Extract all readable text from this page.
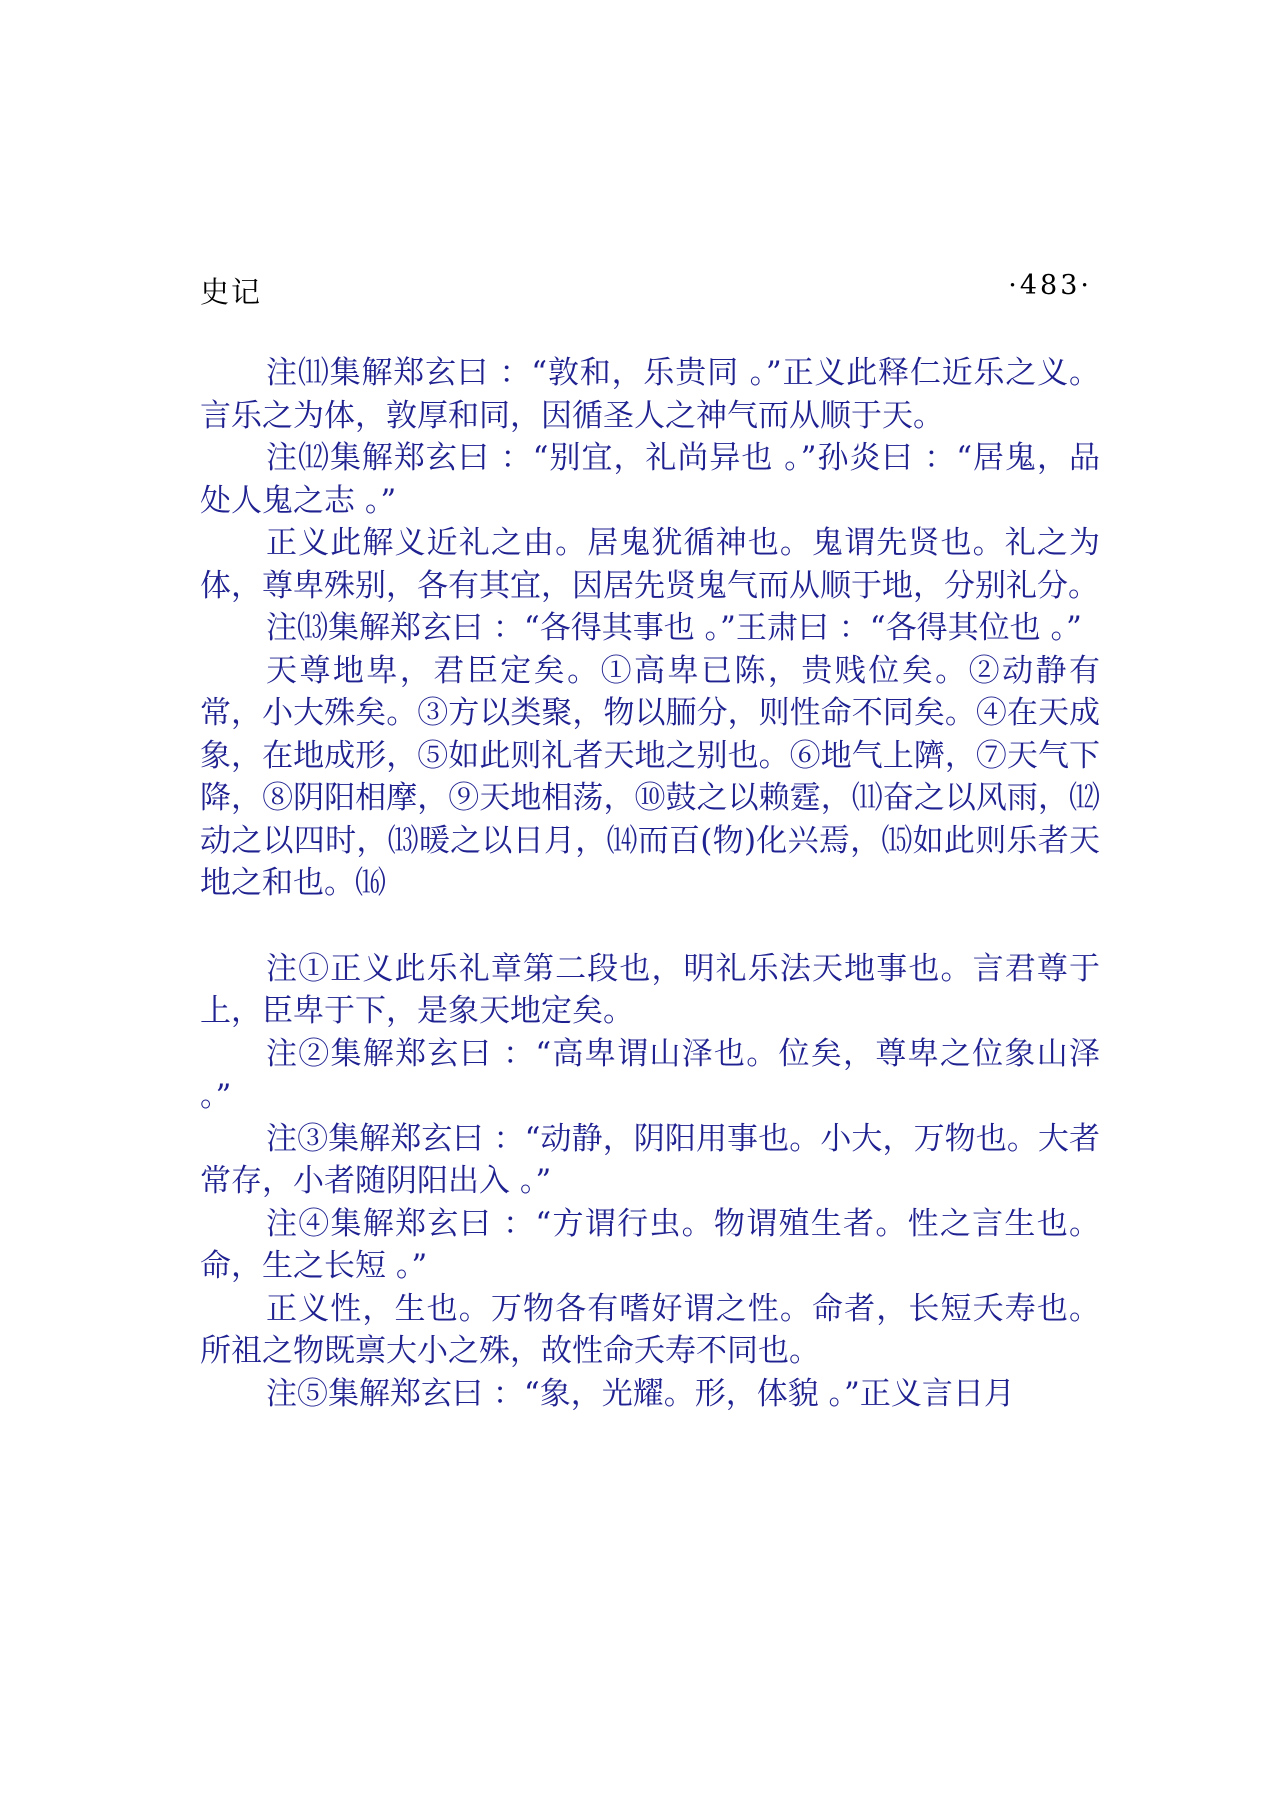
史记	·483·

注⑾集解郑玄曰 ：“敦和，乐贵同 。”正义此释仁近乐之义。言乐之为体，敦厚和同，因循圣人之神气而从顺于天。

注⑿集解郑玄曰 ：“别宜，礼尚异也 。”孙炎曰 ：“居鬼，品处人鬼之志 。”

正义此解义近礼之由。居鬼犹循神也。鬼谓先贤也。礼之为体，尊卑殊别，各有其宜，因居先贤鬼气而从顺于地，分别礼分。

注⒀集解郑玄曰 ：“各得其事也 。”王肃曰 ：“各得其位也 。”

天尊地卑，君臣定矣。①高卑已陈，贵贱位矣。②动静有常，小大殊矣。③方以类聚，物以胹分，则性命不同矣。④在天成象，在地成形，⑤如此则礼者天地之别也。⑥地气上隮，⑦天气下降，⑧阴阳相摩，⑨天地相荡，⑩鼓之以赖霆，⑾奋之以风雨，⑿动之以四时，⒀暖之以日月，⒁而百(物)化兴焉，⒂如此则乐者天地之和也。⒃

注①正义此乐礼章第二段也，明礼乐法天地事也。言君尊于上，臣卑于下，是象天地定矣。

注②集解郑玄曰 ：“高卑谓山泽也。位矣，尊卑之位象山泽 。”

注③集解郑玄曰 ：“动静，阴阳用事也。小大，万物也。大者常存，小者随阴阳出入 。”

注④集解郑玄曰 ：“方谓行虫。物谓殖生者。性之言生也。命，生之长短 。”

正义性，生也。万物各有嗜好谓之性。命者，长短夭寿也。所祖之物既禀大小之殊，故性命夭寿不同也。

注⑤集解郑玄曰 ：“象，光耀。形，体貌 。”正义言日月
